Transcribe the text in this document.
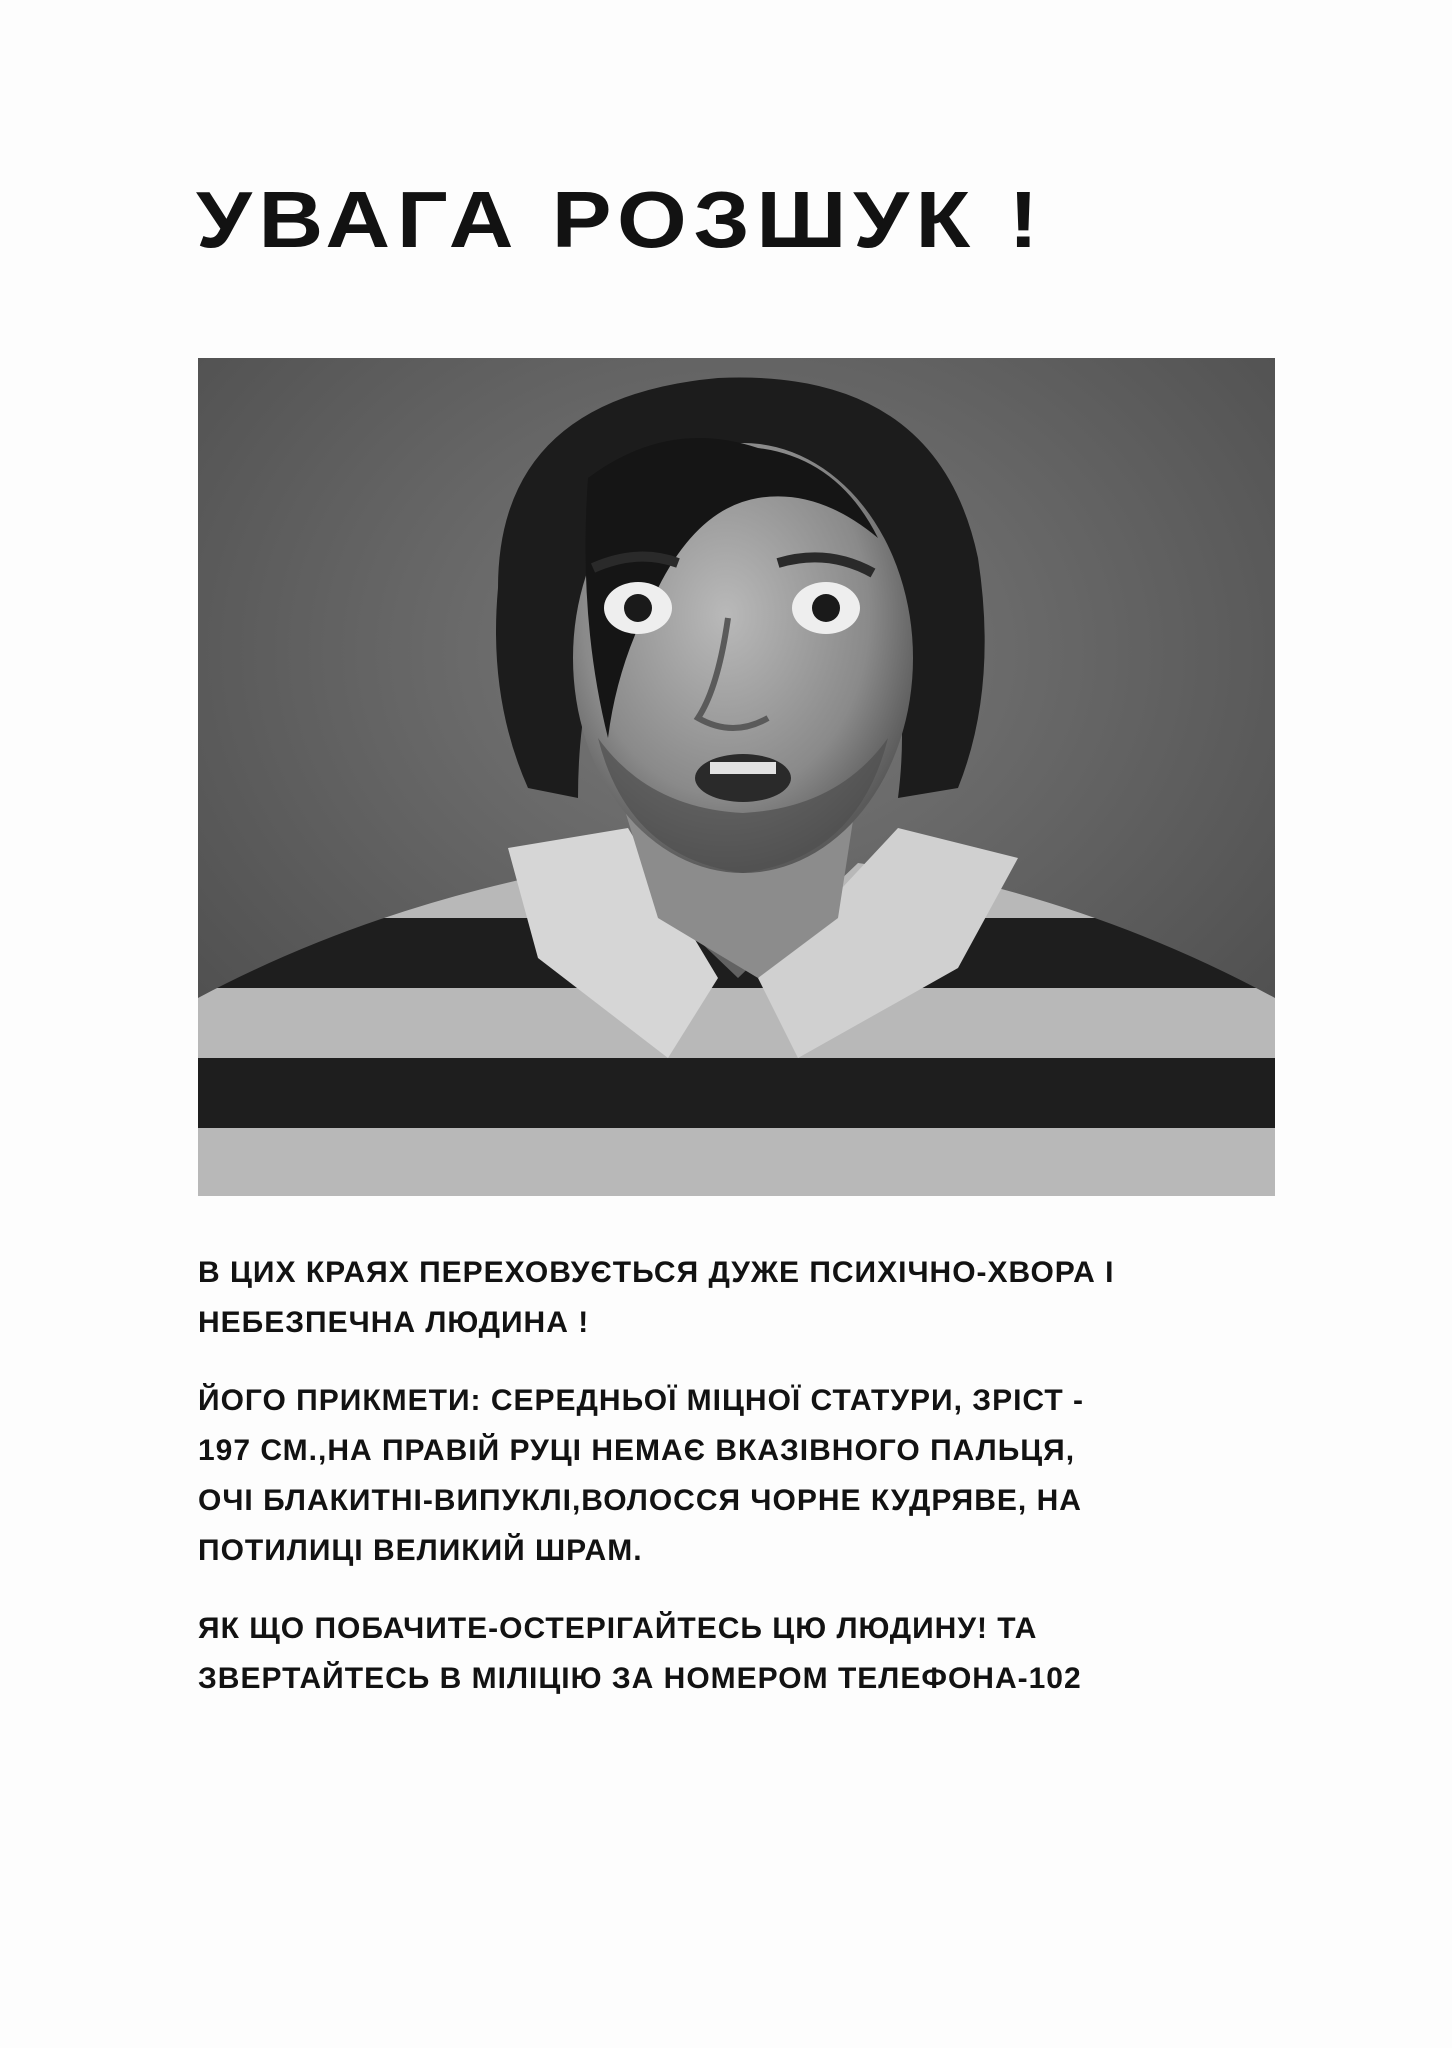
УВАГА РОЗШУК !

В ЦИХ КРАЯХ ПЕРЕХОВУЄТЬСЯ ДУЖЕ ПСИХІЧНО-ХВОРА І
НЕБЕЗПЕЧНА ЛЮДИНА !

ЙОГО ПРИКМЕТИ: СЕРЕДНЬОЇ МІЦНОЇ СТАТУРИ, ЗРІСТ -
197 СМ.,НА ПРАВІЙ РУЦІ НЕМАЄ ВКАЗІВНОГО ПАЛЬЦЯ,
ОЧІ БЛАКИТНІ-ВИПУКЛІ,ВОЛОССЯ ЧОРНЕ КУДРЯВЕ, НА
ПОТИЛИЦІ ВЕЛИКИЙ ШРАМ.

ЯК ЩО ПОБАЧИТЕ-ОСТЕРІГАЙТЕСЬ ЦЮ ЛЮДИНУ! ТА
ЗВЕРТАЙТЕСЬ В МІЛІЦІЮ ЗА НОМЕРОМ ТЕЛЕФОНА-102
